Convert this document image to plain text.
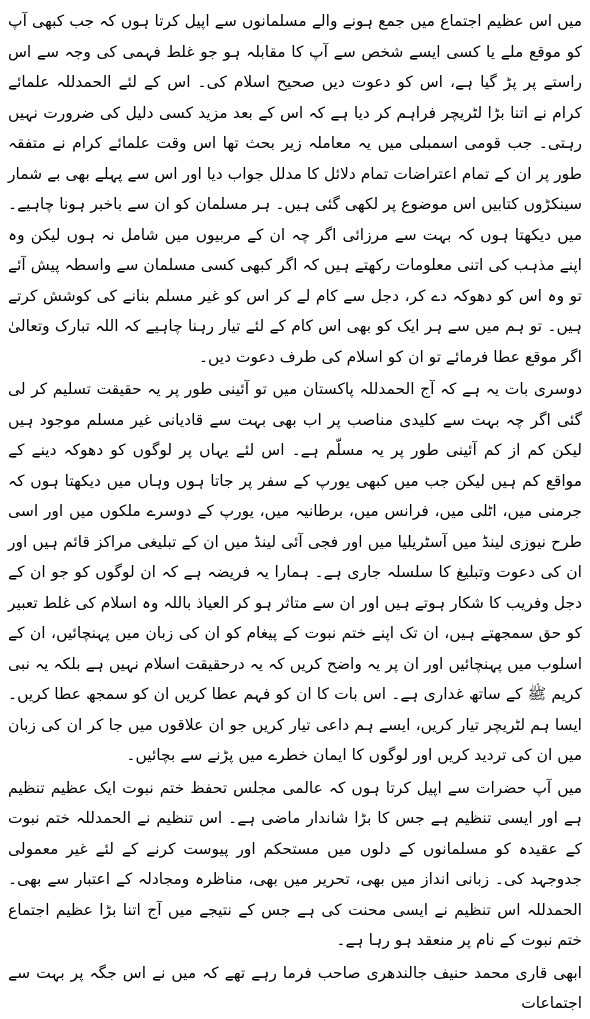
میں اس عظیم اجتماع میں جمع ہونے والے مسلمانوں سے اپیل کرتا ہوں کہ جب کبھی آپ کو موقع ملے یا کسی ایسے شخص سے آپ کا مقابلہ ہو جو غلط فہمی کی وجہ سے اس راستے پر پڑ گیا ہے، اس کو دعوت دیں صحیح اسلام کی۔ اس کے لئے الحمدللہ علمائے کرام نے اتنا بڑا لٹریچر فراہم کر دیا ہے کہ اس کے بعد مزید کسی دلیل کی ضرورت نہیں رہتی۔ جب قومی اسمبلی میں یہ معاملہ زیر بحث تھا اس وقت علمائے کرام نے متفقہ طور پر ان کے تمام اعتراضات تمام دلائل کا مدلل جواب دیا اور اس سے پہلے بھی بے شمار سینکڑوں کتابیں اس موضوع پر لکھی گئی ہیں۔ ہر مسلمان کو ان سے باخبر ہونا چاہیے۔ میں دیکھتا ہوں کہ بہت سے مرزائی اگر چہ ان کے مربیوں میں شامل نہ ہوں لیکن وہ اپنے مذہب کی اتنی معلومات رکھتے ہیں کہ اگر کبھی کسی مسلمان سے واسطہ پیش آئے تو وہ اس کو دھوکہ دے کر، دجل سے کام لے کر اس کو غیر مسلم بنانے کی کوشش کرتے ہیں۔ تو ہم میں سے ہر ایک کو بھی اس کام کے لئے تیار رہنا چاہیے کہ اللہ تبارک وتعالیٰ اگر موقع عطا فرمائے تو ان کو اسلام کی طرف دعوت دیں۔

دوسری بات یہ ہے کہ آج الحمدللہ پاکستان میں تو آئینی طور پر یہ حقیقت تسلیم کر لی گئی اگر چہ بہت سے کلیدی مناصب پر اب بھی بہت سے قادیانی غیر مسلم موجود ہیں لیکن کم از کم آئینی طور پر یہ مسلّم ہے۔ اس لئے یہاں پر لوگوں کو دھوکہ دینے کے مواقع کم ہیں لیکن جب میں کبھی یورپ کے سفر پر جاتا ہوں وہاں میں دیکھتا ہوں کہ جرمنی میں، اٹلی میں، فرانس میں، برطانیہ میں، یورپ کے دوسرے ملکوں میں اور اسی طرح نیوزی لینڈ میں آسٹریلیا میں اور فجی آئی لینڈ میں ان کے تبلیغی مراکز قائم ہیں اور ان کی دعوت وتبلیغ کا سلسلہ جاری ہے۔ ہمارا یہ فریضہ ہے کہ ان لوگوں کو جو ان کے دجل وفریب کا شکار ہوتے ہیں اور ان سے متاثر ہو کر العیاذ باللہ وہ اسلام کی غلط تعبیر کو حق سمجھتے ہیں، ان تک اپنے ختم نبوت کے پیغام کو ان کی زبان میں پہنچائیں، ان کے اسلوب میں پہنچائیں اور ان پر یہ واضح کریں کہ یہ درحقیقت اسلام نہیں ہے بلکہ یہ نبی کریم ﷺ کے ساتھ غداری ہے۔ اس بات کا ان کو فہم عطا کریں ان کو سمجھ عطا کریں۔ ایسا ہم لٹریچر تیار کریں، ایسے ہم داعی تیار کریں جو ان علاقوں میں جا کر ان کی زبان میں ان کی تردید کریں اور لوگوں کا ایمان خطرے میں پڑنے سے بچائیں۔

میں آپ حضرات سے اپیل کرتا ہوں کہ عالمی مجلس تحفظ ختم نبوت ایک عظیم تنظیم ہے اور ایسی تنظیم ہے جس کا بڑا شاندار ماضی ہے۔ اس تنظیم نے الحمدللہ ختم نبوت کے عقیدہ کو مسلمانوں کے دلوں میں مستحکم اور پیوست کرنے کے لئے غیر معمولی جدوجہد کی۔ زبانی انداز میں بھی، تحریر میں بھی، مناظرہ ومجادلہ کے اعتبار سے بھی۔ الحمدللہ اس تنظیم نے ایسی محنت کی ہے جس کے نتیجے میں آج اتنا بڑا عظیم اجتماع ختم نبوت کے نام پر منعقد ہو رہا ہے۔

ابھی قاری محمد حنیف جالندھری صاحب فرما رہے تھے کہ میں نے اس جگہ پر بہت سے اجتماعات
